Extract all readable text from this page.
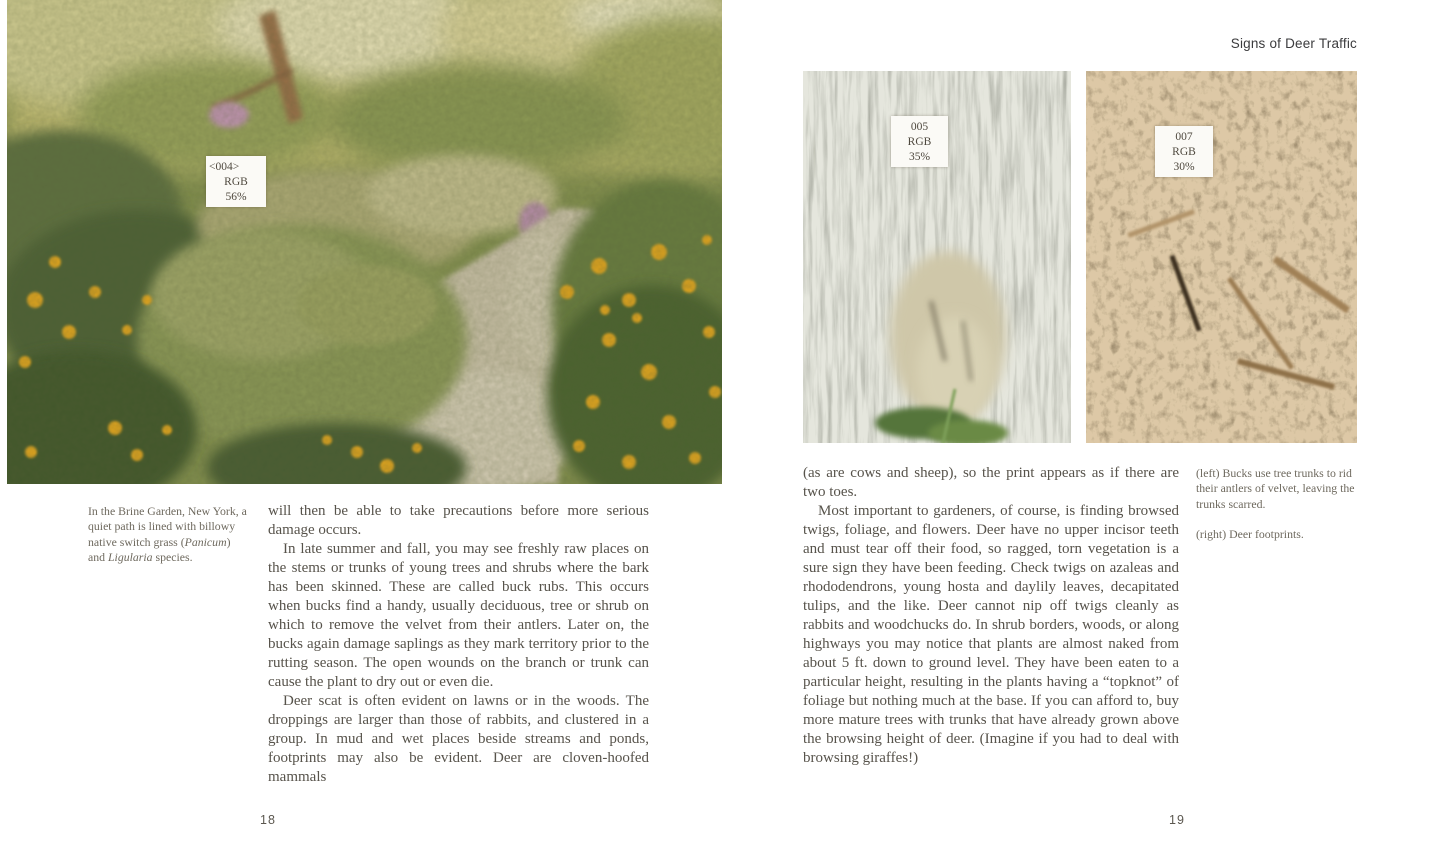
<004>
RGB
56%
In the Brine Garden, New York, a quiet path is lined with billowy native switch grass (Panicum) and Ligularia species.

will then be able to take precautions before more serious damage occurs.

In late summer and fall, you may see freshly raw places on the stems or trunks of young trees and shrubs where the bark has been skinned. These are called buck rubs. This occurs when bucks find a handy, usually deciduous, tree or shrub on which to remove the velvet from their antlers. Later on, the bucks again damage saplings as they mark territory prior to the rutting season. The open wounds on the branch or trunk can cause the plant to dry out or even die.

Deer scat is often evident on lawns or in the woods. The droppings are larger than those of rabbits, and clustered in a group. In mud and wet places beside streams and ponds, footprints may also be evident. Deer are cloven-hoofed mammals

18
Signs of Deer Traffic
005
RGB
35%
007
RGB
30%

(as are cows and sheep), so the print appears as if there are two toes.

Most important to gardeners, of course, is finding browsed twigs, foliage, and flowers. Deer have no upper incisor teeth and must tear off their food, so ragged, torn vegetation is a sure sign they have been feeding. Check twigs on azaleas and rhododendrons, young hosta and daylily leaves, decapitated tulips, and the like. Deer cannot nip off twigs cleanly as rabbits and woodchucks do. In shrub borders, woods, or along highways you may notice that plants are almost naked from about 5 ft. down to ground level. They have been eaten to a particular height, resulting in the plants having a “topknot” of foliage but nothing much at the base. If you can afford to, buy more mature trees with trunks that have already grown above the browsing height of deer. (Imagine if you had to deal with browsing giraffes!)

(left) Bucks use tree trunks to rid their antlers of velvet, leaving the trunks scarred.

(right) Deer footprints.

19
